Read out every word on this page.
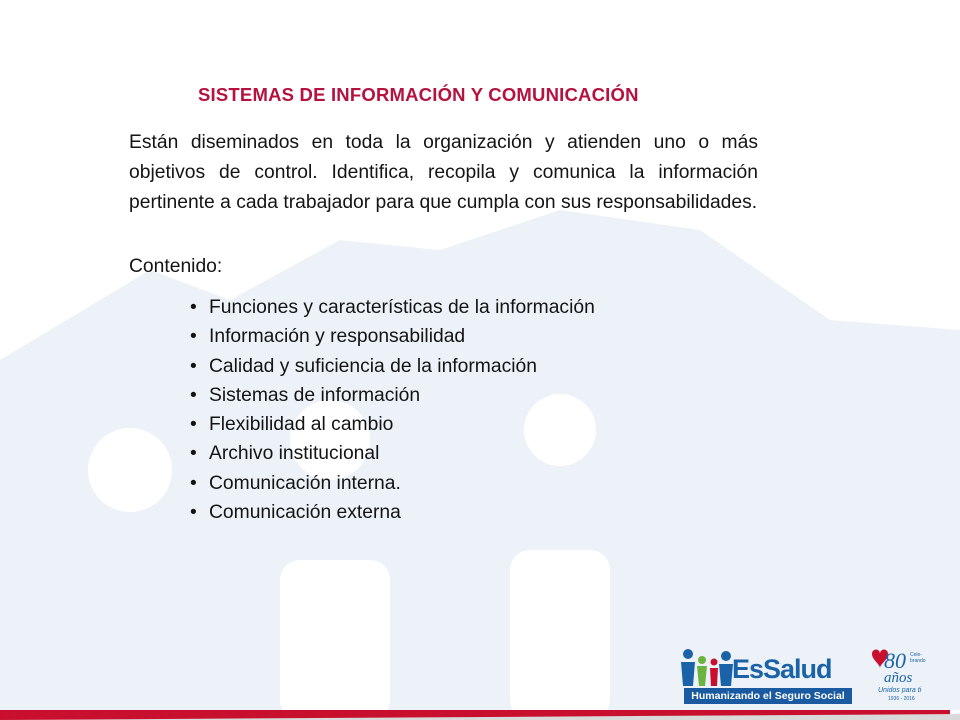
SISTEMAS DE INFORMACIÓN Y COMUNICACIÓN
Están diseminados en toda la organización y atienden uno o más objetivos de control. Identifica, recopila y comunica la información pertinente a cada trabajador para que cumpla con sus responsabilidades.
Contenido:
• Funciones y características de la información
• Información y responsabilidad
• Calidad y suficiencia de la información
• Sistemas de información
• Flexibilidad al cambio
• Archivo institucional
• Comunicación interna.
• Comunicación externa
EsSalud
Humanizando el Seguro Social
80 Cele-
brando
años
Unidos para ti
1936 - 2016
